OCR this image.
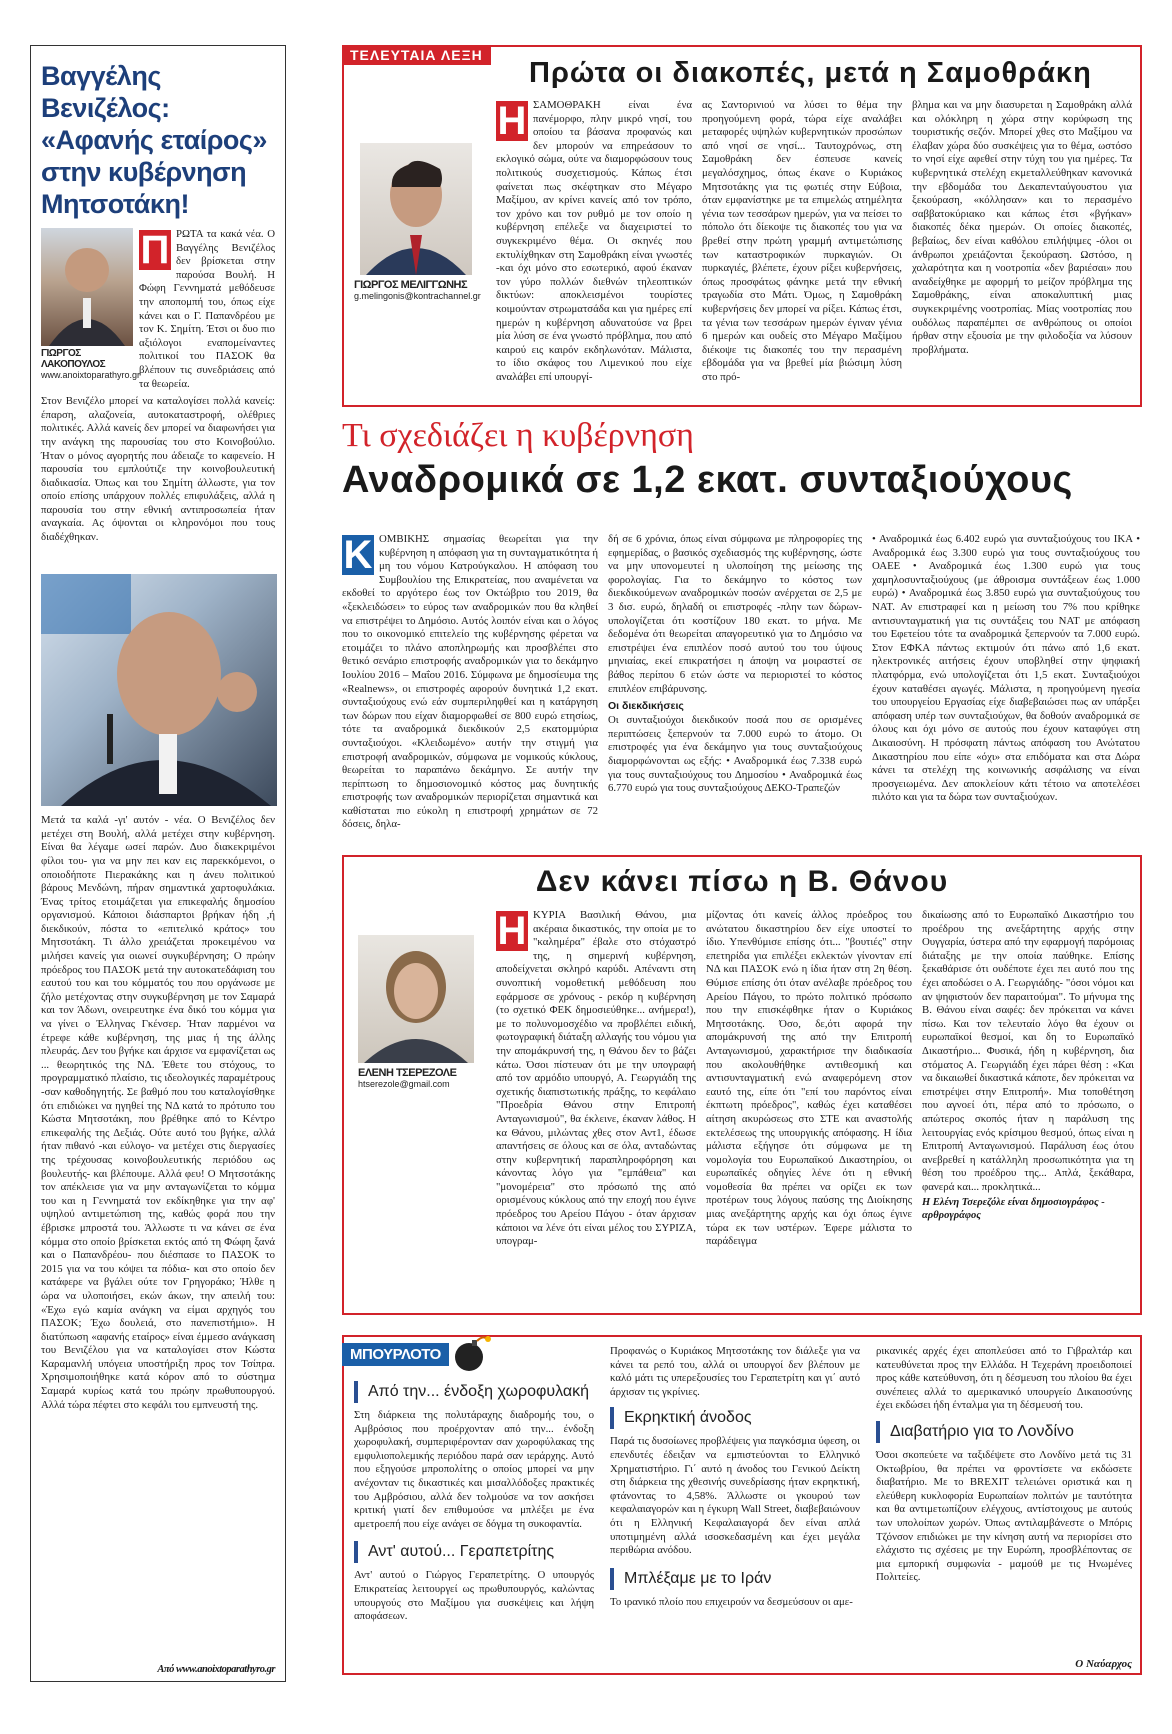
Βαγγέλης Βενιζέλος: «Αφανής εταίρος» στην κυβέρνηση Μητσοτάκη!
ΓΙΩΡΓΟΣ ΛΑΚΟΠΟΥΛΟΣ
www.anoixtoparathyro.gr
Π ΡΩΤΑ τα κακά νέα. Ο Βαγγέλης Βενιζέλος δεν βρίσκεται στην παρούσα Βουλή. Η Φώφη Γεννηματά μεθόδευσε την αποπομπή του, όπως είχε κάνει και ο Γ. Παπανδρέου με τον Κ. Σημίτη. Έτσι οι δυο πιο αξιόλογοι εναπομείναντες πολιτικοί του ΠΑΣΟΚ θα βλέπουν τις συνεδριάσεις από τα θεωρεία.
Στον Βενιζέλο μπορεί να καταλογίσει πολλά κανείς: έπαρση, αλαζονεία, αυτοκαταστροφή, ολέθριες πολιτικές. Αλλά κανείς δεν μπορεί να διαφωνήσει για την ανάγκη της παρουσίας του στο Κοινοβούλιο. Ήταν ο μόνος αγορητής που άδειαζε το καφενείο. Η παρουσία του εμπλούτιζε την κοινοβουλευτική διαδικασία. Όπως και του Σημίτη άλλωστε, για τον οποίο επίσης υπάρχουν πολλές επιφυλάξεις, αλλά η παρουσία του στην εθνική αντιπροσωπεία ήταν αναγκαία. Ας όψονται οι κληρονόμοι που τους διαδέχθηκαν.
Μετά τα καλά -γι' αυτόν - νέα. Ο Βενιζέλος δεν μετέχει στη Βουλή, αλλά μετέχει στην κυβέρνηση. Είναι θα λέγαμε ωσεί παρών. Δυο διακεκριμένοι φίλοι του- για να μην πει καν εις παρεκκόμενοι, ο οποιοδήποτε Πιερακάκης και η άνευ πολιτικού βάρους Μενδώνη, πήραν σημαντικά χαρτοφυλάκια. Ένας τρίτος ετοιμάζεται για επικεφαλής δημοσίου οργανισμού. Κάποιοι διάσπαρτοι βρήκαν ήδη ,ή διεκδικούν, πόστα το «επιτελικό κράτος» του Μητσοτάκη. Τι άλλο χρειάζεται προκειμένου να μιλήσει κανείς για οιωνεί συγκυβέρνηση; Ο πρώην πρόεδρος του ΠΑΣΟΚ μετά την αυτοκατεδάφιση του εαυτού του και του κόμματός του που οργάνωσε με ζήλο μετέχοντας στην συγκυβέρνηση με τον Σαμαρά και τον Άδωνι, ονειρευτηκε ένα δικό του κόμμα για να γίνει ο Έλληνας Γκένσερ. Ήταν παρμένοι να έτρεφε κάθε κυβέρνηση, της μιας ή της άλλης πλευράς. Δεν του βγήκε και άρχισε να εμφανίζεται ως ... θεωρητικός της ΝΔ. Έθετε του στόχους, το προγραμματικό πλαίσιο, τις ιδεολογικές παραμέτρους -σαν καθοδηγητής. Σε βαθμό που του καταλογίσθηκε ότι επιδιώκει να ηγηθεί της ΝΔ κατά το πρότυπο του Κώστα Μητσοτάκη, που βρέθηκε από το Κέντρο επικεφαλής της Δεξιάς. Ούτε αυτό του βγήκε, αλλά ήταν πιθανό -και εύλογο- να μετέχει στις διεργασίες της τρέχουσας κοινοβουλευτικής περιόδου ως βουλευτής- και βλέπουμε. Αλλά φευ! Ο Μητσοτάκης τον απέκλεισε για να μην ανταγωνίζεται το κόμμα του και η Γεννηματά τον εκδίκηθηκε για την αφ' υψηλού αντιμετώπιση της, καθώς φορά που την έβρισκε μπροστά του. Άλλωστε τι να κάνει σε ένα κόμμα στο οποίο βρίσκεται εκτός από τη Φώφη ξανά και ο Παπανδρέου- που διέσπασε το ΠΑΣΟΚ το 2015 για να του κόψει τα πόδια- και στο οποίο δεν κατάφερε να βγάλει ούτε τον Γρηγοράκο; Ήλθε η ώρα να υλοποιήσει, εκών άκων, την απειλή του: «Έχω εγώ καμία ανάγκη να είμαι αρχηγός του ΠΑΣΟΚ; Έχω δουλειά, στο πανεπιστήμιο». Η διατύπωση «αφανής εταίρος» είναι έμμεσο ανάγκαση του Βενιζέλου για να καταλογίσει στον Κώστα Καραμανλή υπόγεια υποστήριξη προς τον Τσίπρα. Χρησιμοποιήθηκε κατά κόρον από το σύστημα Σαμαρά κυρίως κατά του πρώην πρωθυπουργού. Αλλά τώρα πέφτει στο κεφάλι του εμπνευστή της.
Από www.anoixtoparathyro.gr
ΤΕΛΕΥΤΑΙΑ ΛΕΞΗ
Πρώτα οι διακοπές, μετά η Σαμοθράκη
ΓΙΩΡΓΟΣ ΜΕΛΙΓΓΩΝΗΣ
g.melingonis@kontrachannel.gr
Η ΣΑΜΟΘΡΑΚΗ είναι ένα πανέμορφο, πλην μικρό νησί, του οποίου τα βάσανα προφανώς και δεν μπορούν να επηρεάσουν το εκλογικό σώμα, ούτε να διαμορφώσουν τους πολιτικούς συσχετισμούς. Κάπως έτσι φαίνεται πως σκέφτηκαν στο Μέγαρο Μαξίμου, αν κρίνει κανείς από τον τρόπο, τον χρόνο και τον ρυθμό με τον οποίο η κυβέρνηση επέλεξε να διαχειριστεί το συγκεκριμένο θέμα. Οι σκηνές που εκτυλίχθηκαν στη Σαμοθράκη είναι γνωστές -και όχι μόνο στο εσωτερικό, αφού έκαναν τον γύρο πολλών διεθνών τηλεοπτικών δικτύων: αποκλεισμένοι τουρίστες κοιμούνταν στρωματσάδα και για ημέρες επί ημερών η κυβέρνηση αδυνατούσε να βρει μία λύση σε ένα γνωστό πρόβλημα, που από καιρού εις καιρόν εκδηλωνόταν. Μάλιστα, το ίδιο σκάφος του Λιμενικού που είχε αναλάβει επί υπουργί-
ας Σαντορινιού να λύσει το θέμα την προηγούμενη φορά, τώρα είχε αναλάβει μεταφορές υψηλών κυβερνητικών προσώπων από νησί σε νησί... Ταυτοχρόνως, στη Σαμοθράκη δεν έσπευσε κανείς μεγαλόσχημος, όπως έκανε ο Κυριάκος Μητσοτάκης για τις φωτιές στην Εύβοια, όταν εμφανίστηκε με τα επιμελώς ατημέλητα γένια των τεσσάρων ημερών, για να πείσει το πόπολο ότι δίεκοψε τις διακοπές του για να βρεθεί στην πρώτη γραμμή αντιμετώπισης των καταστροφικών πυρκαγιών. Οι πυρκαγιές, βλέπετε, έχουν ρίξει κυβερνήσεις, όπως προσφάτως φάνηκε μετά την εθνική τραγωδία στο Μάτι. Όμως, η Σαμοθράκη κυβερνήσεις δεν μπορεί να ρίξει. Κάπως έτσι, τα γένια των τεσσάρων ημερών έγιναν γένια 6 ημερών και ουδείς στο Μέγαρο Μαξίμου διέκοψε τις διακοπές του την περασμένη εβδομάδα για να βρεθεί μία βιώσιμη λύση στο πρό-
βλημα και να μην διασυρεται η Σαμοθράκη αλλά και ολόκληρη η χώρα στην κορύφωση της τουριστικής σεζόν. Μπορεί χθες στο Μαξίμου να έλαβαν χώρα δύο συσκέψεις για το θέμα, ωστόσο το νησί είχε αφεθεί στην τύχη του για ημέρες. Τα κυβερνητικά στελέχη εκμεταλλεύθηκαν κανονικά την εβδομάδα του Δεκαπενταύγουστου για ξεκούραση, «κόλλησαν» και το περασμένο σαββατοκύριακο και κάπως έτσι «βγήκαν» διακοπές δέκα ημερών. Οι οποίες διακοπές, βεβαίως, δεν είναι καθόλου επιλήψιμες -όλοι οι άνθρωποι χρειάζονται ξεκούραση. Ωστόσο, η χαλαρότητα και η νοοτροπία «δεν βαριέσαι» που αναδείχθηκε με αφορμή το μείζον πρόβλημα της Σαμοθράκης, είναι αποκαλυπτική μιας συγκεκριμένης νοοτροπίας. Μίας νοοτροπίας που ουδόλως παραπέμπει σε ανθρώπους οι οποίοι ήρθαν στην εξουσία με την φιλοδοξία να λύσουν προβλήματα.
Τι σχεδιάζει η κυβέρνηση
Αναδρομικά σε 1,2 εκατ. συνταξιούχους
Κ ΟΜΒΙΚΗΣ σημασίας θεωρείται για την κυβέρνηση η απόφαση για τη συνταγματικότητα ή μη του νόμου Κατρούγκαλου. Η απόφαση του Συμβουλίου της Επικρατείας, που αναμένεται να εκδοθεί το αργότερο έως τον Οκτώβριο του 2019, θα «ξεκλειδώσει» το εύρος των αναδρομικών που θα κληθεί να επιστρέψει το Δημόσιο. Αυτός λοιπόν είναι και ο λόγος που το οικονομικό επιτελείο της κυβέρνησης φέρεται να ετοιμάζει το πλάνο αποπληρωμής και προσβλέπει στο θετικό σενάριο επιστροφής αναδρομικών για το δεκάμηνο Ιουλίου 2016 – Μαΐου 2016. Σύμφωνα με δημοσίευμα της «Realnews», οι επιστροφές αφορούν δυνητικά 1,2 εκατ. συνταξιούχους ενώ εάν συμπεριληφθεί και η κατάργηση των δώρων που είχαν διαμορφωθεί σε 800 ευρώ ετησίως, τότε τα αναδρομικά διεκδικούν 2,5 εκατομμύρια συνταξιούχοι. «Κλειδωμένο» αυτήν την στιγμή για επιστροφή αναδρομικών, σύμφωνα με νομικούς κύκλους, θεωρείται το παραπάνω δεκάμηνο. Σε αυτήν την περίπτωση το δημοσιονομικό κόστος μας δυνητικής επιστροφής των αναδρομικών περιορίζεται σημαντικά και καθίσταται πιο εύκολη η επιστροφή χρημάτων σε 72 δόσεις, δηλα-
δή σε 6 χρόνια, όπως είναι σύμφωνα με πληροφορίες της εφημερίδας, ο βασικός σχεδιασμός της κυβέρνησης, ώστε να μην υπονομευτεί η υλοποίηση της μείωσης της φορολογίας. Για το δεκάμηνο το κόστος των διεκδικούμενων αναδρομικών ποσών ανέρχεται σε 2,5 με 3 δισ. ευρώ, δηλαδή οι επιστροφές -πλην των δώρων- υπολογίζεται ότι κοστίζουν 180 εκατ. το μήνα. Με δεδομένα ότι θεωρείται απαγορευτικό για το Δημόσιο να επιστρέψει ένα επιπλέον ποσό αυτού του του ύψους μηνιαίας, εκεί επικρατήσει η άποψη να μοιραστεί σε βάθος περίπου 6 ετών ώστε να περιοριστεί το κόστος επιπλέον επιβάρυνσης.
Οι διεκδικήσεις
Οι συνταξιούχοι διεκδικούν ποσά που σε ορισμένες περιπτώσεις ξεπερνούν τα 7.000 ευρώ το άτομο. Οι επιστροφές για ένα δεκάμηνο για τους συνταξιούχους διαμορφώνονται ως εξής: • Αναδρομικά έως 7.338 ευρώ για τους συνταξιούχους του Δημοσίου • Αναδρομικά έως 6.770 ευρώ για τους συνταξιούχους ΔΕΚΟ-Τραπεζών
• Αναδρομικά έως 6.402 ευρώ για συνταξιούχους του ΙΚΑ • Αναδρομικά έως 3.300 ευρώ για τους συνταξιούχους του ΟΑΕΕ • Αναδρομικά έως 1.300 ευρώ για τους χαμηλοσυνταξιούχους (με άθροισμα συντάξεων έως 1.000 ευρώ) • Αναδρομικά έως 3.850 ευρώ για συνταξιούχους του ΝΑΤ. Αν επιστραφεί και η μείωση του 7% που κρίθηκε αντισυνταγματική για τις συντάξεις του ΝΑΤ με απόφαση του Εφετείου τότε τα αναδρομικά ξεπερνούν τα 7.000 ευρώ. Στον ΕΦΚΑ πάντως εκτιμούν ότι πάνω από 1,6 εκατ. ηλεκτρονικές αιτήσεις έχουν υποβληθεί στην ψηφιακή πλατφόρμα, ενώ υπολογίζεται ότι 1,5 εκατ. Συνταξιούχοι έχουν καταθέσει αγωγές. Μάλιστα, η προηγούμενη ηγεσία του υπουργείου Εργασίας είχε διαβεβαιώσει πως αν υπάρξει απόφαση υπέρ των συνταξιούχων, θα δοθούν αναδρομικά σε όλους και όχι μόνο σε αυτούς που έχουν καταφύγει στη Δικαιοσύνη. Η πρόσφατη πάντως απόφαση του Ανώτατου Δικαστηρίου που είπε «όχι» στα επιδόματα και στα Δώρα κάνει τα στελέχη της κοινωνικής ασφάλισης να είναι προσγειωμένα. Δεν αποκλείουν κάτι τέτοιο να αποτελέσει πιλότο και για τα δώρα των συνταξιούχων.
Δεν κάνει πίσω η Β. Θάνου
ΕΛΕΝΗ ΤΣΕΡΕΖΟΛΕ
htserezole@gmail.com
Η ΚΥΡΙΑ Βασιλική Θάνου, μια ακέραια δικαστικός, την οποία με το "καλημέρα" έβαλε στο στόχαστρό της, η σημερινή κυβέρνηση, αποδείχνεται σκληρό καρύδι. Απέναντι στη συνοπτική νομοθετική μεθόδευση που εφάρμοσε σε χρόνους - ρεκόρ η κυβέρνηση (το σχετικό ΦΕΚ δημοσιεύθηκε... ανήμερα!), με το πολυνομοσχέδιο να προβλέπει ειδική, φωτογραφική διάταξη αλλαγής του νόμου για την απομάκρυνσή της, η Θάνου δεν το βάζει κάτω. Όσοι πίστευαν ότι με την υπογραφή από τον αρμόδιο υπουργό, Α. Γεωργιάδη της σχετικής διαπιστωτικής πράξης, το κεφάλαιο "Προεδρία Θάνου στην Επιτροπή Ανταγωνισμού", θα έκλεινε, έκαναν λάθος. Η κα Θάνου, μιλώντας χθες στον Αντ1, έδωσε απαντήσεις σε όλους και σε όλα, ανταδώντας στην κυβερνητική παραπληροφόρηση και κάνοντας λόγο για "εμπάθεια" και "μονομέρεια" στο πρόσωπό της από ορισμένους κύκλους από την εποχή που έγινε πρόεδρος του Αρείου Πάγου - όταν άρχισαν κάποιοι να λένε ότι είναι μέλος του ΣΥΡΙΖΑ, υπογραμ-
μίζοντας ότι κανείς άλλος πρόεδρος του ανώτατου δικαστηρίου δεν είχε υποστεί το ίδιο. Υπενθύμισε επίσης ότι... "βουτιές" στην επετηρίδα για επιλέξει εκλεκτών γίνονταν επί ΝΔ και ΠΑΣΟΚ ενώ η ίδια ήταν στη 2η θέση. Θύμισε επίσης ότι όταν ανέλαβε πρόεδρος του Αρείου Πάγου, το πρώτο πολιτικό πρόσωπο που την επισκέφθηκε ήταν ο Κυριάκος Μητσοτάκης. Όσο, δε,ότι αφορά την απομάκρυνσή της από την Επιτροπή Ανταγωνισμού, χαρακτήρισε την διαδικασία που ακολουθήθηκε αντιθεσμική και αντισυνταγματική ενώ αναφερόμενη στον εαυτό της, είπε ότι "επί του παρόντος είναι έκπτωτη πρόεδρος", καθώς έχει καταθέσει αίτηση ακυρώσεως στο ΣΤΕ και αναστολής εκτελέσεως της υπουργικής απόφασης. Η ίδια μάλιστα εξήγησε ότι σύμφωνα με τη νομολογία του Ευρωπαϊκού Δικαστηρίου, οι ευρωπαϊκές οδηγίες λένε ότι η εθνική νομοθεσία θα πρέπει να ορίζει εκ των προτέρων τους λόγους παύσης της Διοίκησης μιας ανεξάρτητης αρχής και όχι όπως έγινε τώρα εκ των υστέρων. Έφερε μάλιστα το παράδειγμα
δικαίωσης από το Ευρωπαϊκό Δικαστήριο του προέδρου της ανεξάρτητης αρχής στην Ουγγαρία, ύστερα από την εφαρμογή παρόμοιας διάταξης με την οποία παύθηκε. Επίσης ξεκαθάρισε ότι ουδέποτε έχει πει αυτό που της έχει αποδώσει ο Α. Γεωργιάδης- "όσοι νόμοι και αν ψηφιστούν δεν παραιτούμαι". Το μήνυμα της Β. Θάνου είναι σαφές: δεν πρόκειται να κάνει πίσω. Και τον τελευταίο λόγο θα έχουν οι ευρωπαϊκοί θεσμοί, και δη το Ευρωπαϊκό Δικαστήριο... Φυσικά, ήδη η κυβέρνηση, δια στόματος Α. Γεωργιάδη έχει πάρει θέση : «Και να δικαιωθεί δικαστικά κάποτε, δεν πρόκειται να επιστρέψει στην Επιτροπή». Μια τοποθέτηση που αγνοεί ότι, πέρα από το πρόσωπο, ο απώτερος σκοπός ήταν η παράλυση της λειτουργίας ενός κρίσιμου θεσμού, όπως είναι η Επιτροπή Ανταγωνισμού. Παράλυση έως ότου ανεβρεθεί η κατάλληλη προσωπικότητα για τη θέση του προέδρου της... Απλά, ξεκάθαρα, φανερά και... προκλητικά...
Η Ελένη Τσερεζόλε είναι δημοσιογράφος - αρθρογράφος
ΜΠΟΥΡΛΟΤΟ
Από την... ένδοξη χωροφυλακή
Στη διάρκεια της πολυτάραχης διαδρομής του, ο Αμβρόσιος που προέρχονταν από την... ένδοξη χωροφυλακή, συμπεριφέρονταν σαν χωροφύλακας της εμφυλιοπολεμικής περιόδου παρά σαν ιεράρχης. Αυτό που εξηγούσε μπροπολίτης ο οποίος μπορεί να μην ανέχονταν τις δικαστικές και μισαλλόδοξες πρακτικές του Αμβρόσιου, αλλά δεν τολμούσε να τον ασκήσει κριτική γιατί δεν επιθυμούσε να μπλέξει με ένα αμετροεπή που είχε ανάγει σε δόγμα τη συκοφαντία.
Αντ' αυτού... Γεραπετρίτης
Αντ' αυτού ο Γιώργος Γεραπετρίτης. Ο υπουργός Επικρατείας λειτουργεί ως πρωθυπουργός, καλώντας υπουργούς στο Μαξίμου για συσκέψεις και λήψη αποφάσεων.
Προφανώς ο Κυριάκος Μητσοτάκης τον διάλεξε για να κάνει τα ρεπό του, αλλά οι υπουργοί δεν βλέπουν με καλό μάτι τις υπερεξουσίες του Γεραπετρίτη και γι΄ αυτό άρχισαν τις γκρίνιες.
Εκρηκτική άνοδος
Παρά τις δυσοίωνες προβλέψεις για παγκόσμια ύφεση, οι επενδυτές έδειξαν να εμπιστεύονται το Ελληνικό Χρηματιστήριο. Γι΄ αυτό η άνοδος του Γενικού Δείκτη στη διάρκεια της χθεσινής συνεδρίασης ήταν εκρηκτική, φτάνοντας το 4,58%. Άλλωστε οι γκουρού των κεφαλαιαγορών και η έγκυρη Wall Street, διαβεβαιώνουν ότι η Ελληνική Κεφαλαιαγορά δεν είναι απλά υποτιμημένη αλλά ισοσκεδασμένη και έχει μεγάλα περιθώρια ανόδου.
Μπλέξαμε με το Ιράν
Το ιρανικό πλοίο που επιχειρούν να δεσμεύσουν οι αμε-
ρικανικές αρχές έχει αποπλεύσει από το Γιβραλτάρ και κατευθύνεται προς την Ελλάδα. Η Τεχεράνη προειδοποιεί προς κάθε κατεύθυνση, ότι η δέσμευση του πλοίου θα έχει συνέπειες αλλά το αμερικανικό υπουργείο Δικαιοσύνης έχει εκδώσει ήδη ένταλμα για τη δέσμευσή του.
Διαβατήριο για το Λονδίνο
Όσοι σκοπεύετε να ταξιδέψετε στο Λονδίνο μετά τις 31 Οκτωβρίου, θα πρέπει να φροντίσετε να εκδώσετε διαβατήριο. Με το BREXIT τελειώνει οριστικά και η ελεύθερη κυκλοφορία Ευρωπαίων πολιτών με ταυτότητα και θα αντιμετωπίζουν ελέγχους, αντίστοιχους με αυτούς των υπολοίπων χωρών. Όπως αντιλαμβάνεστε ο Μπόρις Τζόνσον επιδιώκει με την κίνηση αυτή να περιορίσει στο ελάχιστο τις σχέσεις με την Ευρώπη, προσβλέποντας σε μια εμπορική συμφωνία - μαμούθ με τις Ηνωμένες Πολιτείες.
Ο Ναύαρχος
